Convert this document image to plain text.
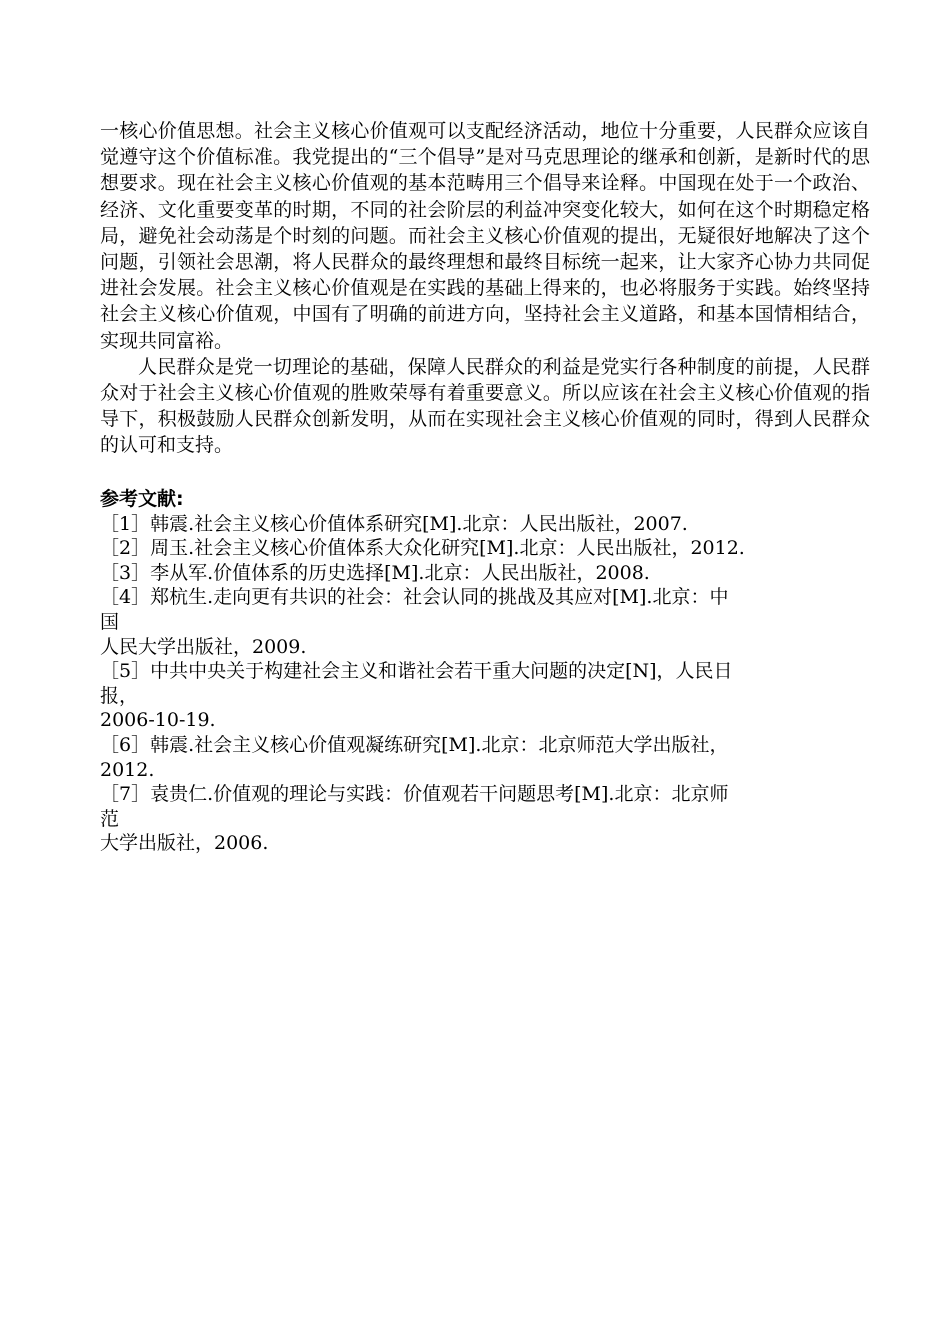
一核心价值思想。社会主义核心价值观可以支配经济活动，地位十分重要，人民群众应该自觉遵守这个价值标准。我党提出的“三个倡导”是对马克思理论的继承和创新，是新时代的思想要求。现在社会主义核心价值观的基本范畴用三个倡导来诠释。中国现在处于一个政治、经济、文化重要变革的时期，不同的社会阶层的利益冲突变化较大，如何在这个时期稳定格局，避免社会动荡是个时刻的问题。而社会主义核心价值观的提出，无疑很好地解决了这个问题，引领社会思潮，将人民群众的最终理想和最终目标统一起来，让大家齐心协力共同促进社会发展。社会主义核心价值观是在实践的基础上得来的，也必将服务于实践。始终坚持社会主义核心价值观，中国有了明确的前进方向，坚持社会主义道路，和基本国情相结合，实现共同富裕。

人民群众是党一切理论的基础，保障人民群众的利益是党实行各种制度的前提，人民群众对于社会主义核心价值观的胜败荣辱有着重要意义。所以应该在社会主义核心价值观的指导下，积极鼓励人民群众创新发明，从而在实现社会主义核心价值观的同时，得到人民群众的认可和支持。

参考文献:
［1］韩震.社会主义核心价值体系研究[M].北京：人民出版社，2007.
［2］周玉.社会主义核心价值体系大众化研究[M].北京：人民出版社，2012.
［3］李从军.价值体系的历史选择[M].北京：人民出版社，2008.
［4］郑杭生.走向更有共识的社会：社会认同的挑战及其应对[M].北京：中
国
人民大学出版社，2009.
［5］中共中央关于构建社会主义和谐社会若干重大问题的决定[N]，人民日
报，
2006-10-19.
［6］韩震.社会主义核心价值观凝练研究[M].北京：北京师范大学出版社，
2012.
［7］袁贵仁.价值观的理论与实践：价值观若干问题思考[M].北京：北京师
范
大学出版社，2006.
